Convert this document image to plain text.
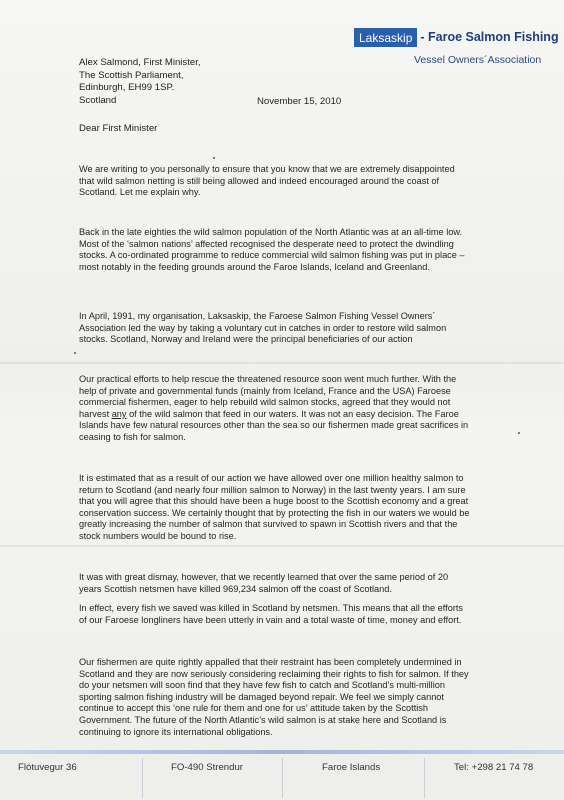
Laksaskip - Faroe Salmon Fishing
Vessel Owners´Association
Alex Salmond, First Minister,
The Scottish Parliament,
Edinburgh, EH99 1SP.
Scotland	November 15, 2010
Dear First Minister
We are writing to you personally to ensure that you know that we are extremely disappointed
that wild salmon netting is still being allowed and indeed encouraged around the coast of
Scotland. Let me explain why.
Back in the late eighties the wild salmon population of the North Atlantic was at an all-time low.
Most of the ‘salmon nations’ affected recognised the desperate need to protect the dwindling
stocks. A co-ordinated programme to reduce commercial wild salmon fishing was put in place –
most notably in the feeding grounds around the Faroe Islands, Iceland and Greenland.
In April, 1991, my organisation, Laksaskip, the Faroese Salmon Fishing Vessel Owners´
Association led the way by taking a voluntary cut in catches in order to restore wild salmon
stocks. Scotland, Norway and Ireland were the principal beneficiaries of our action
Our practical efforts to help rescue the threatened resource soon went much further. With the
help of private and governmental funds (mainly from Iceland, France and the USA) Faroese
commercial fishermen, eager to help rebuild wild salmon stocks, agreed that they would not
harvest any of the wild salmon that feed in our waters. It was not an easy decision. The Faroe
Islands have few natural resources other than the sea so our fishermen made great sacrifices in
ceasing to fish for salmon.
It is estimated that as a result of our action we have allowed over one million healthy salmon to
return to Scotland (and nearly four million salmon to Norway) in the last twenty years. I am sure
that you will agree that this should have been a huge boost to the Scottish economy and a great
conservation success. We certainly thought that by protecting the fish in our waters we would be
greatly increasing the number of salmon that survived to spawn in Scottish rivers and that the
stock numbers would be bound to rise.
It was with great dismay, however, that we recently learned that over the same period of 20
years Scottish netsmen have killed 969,234 salmon off the coast of Scotland.
In effect, every fish we saved was killed in Scotland by netsmen. This means that all the efforts
of our Faroese longliners have been utterly in vain and a total waste of time, money and effort.
Our fishermen are quite rightly appalled that their restraint has been completely undermined in
Scotland and they are now seriously considering reclaiming their rights to fish for salmon. If they
do your netsmen will soon find that they have few fish to catch and Scotland’s multi-million
sporting salmon fishing industry will be damaged beyond repair. We feel we simply cannot
continue to accept this ‘one rule for them and one for us’ attitude taken by the Scottish
Government. The future of the North Atlantic’s wild salmon is at stake here and Scotland is
continuing to ignore its international obligations.
Flótuvegur 36	FO-490 Strendur	Faroe Islands	Tel: +298 21 74 78
